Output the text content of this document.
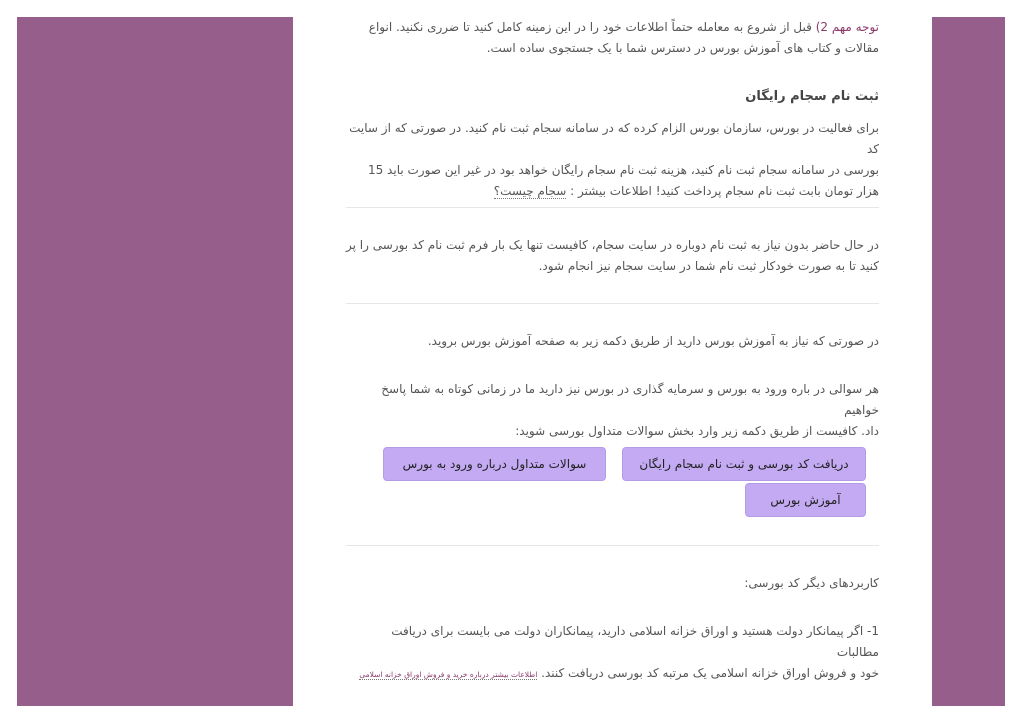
توجه مهم 2) قبل از شروع به معامله حتماً اطلاعات خود را در این زمینه کامل کنید تا ضرری نکنید. انواع

مقالات و کتاب های آموزش بورس در دسترس شما با یک جستجوی ساده است.

ثبت نام سجام رایگان

برای فعالیت در بورس، سازمان بورس الزام کرده که در سامانه سجام ثبت نام کنید. در صورتی که از سایت کد

بورسی در سامانه سجام ثبت نام کنید، هزینه ثبت نام سجام رایگان خواهد بود در غیر این صورت باید 15

هزار تومان بابت ثبت نام سجام پرداخت کنید! اطلاعات بیشتر : سجام چیست؟

در حال حاضر بدون نیاز به ثبت نام دوباره در سایت سجام، کافیست تنها یک بار فرم ثبت نام کد بورسی را پر

کنید تا به صورت خودکار ثبت نام شما در سایت سجام نیز انجام شود.

در صورتی که نیاز به آموزش بورس دارید از طریق دکمه زیر به صفحه آموزش بورس بروید.

هر سوالی در باره ورود به بورس و سرمایه گذاری در بورس نیز دارید ما در زمانی کوتاه به شما پاسخ خواهیم

داد. کافیست از طریق دکمه زیر وارد بخش سوالات متداول بورسی شوید:

دریافت کد بورسی و ثبت نام سجام رایگان
سوالات متداول درباره ورود به بورس
آموزش بورس

کاربردهای دیگر کد بورسی:

1- اگر پیمانکار دولت هستید و اوراق خزانه اسلامی دارید، پیمانکاران دولت می بایست برای دریافت مطالبات

خود و فروش اوراق خزانه اسلامی یک مرتبه کد بورسی دریافت کنند. اطلاعات بیشتر درباره خرید و فروش اوراق خزانه اسلامی
